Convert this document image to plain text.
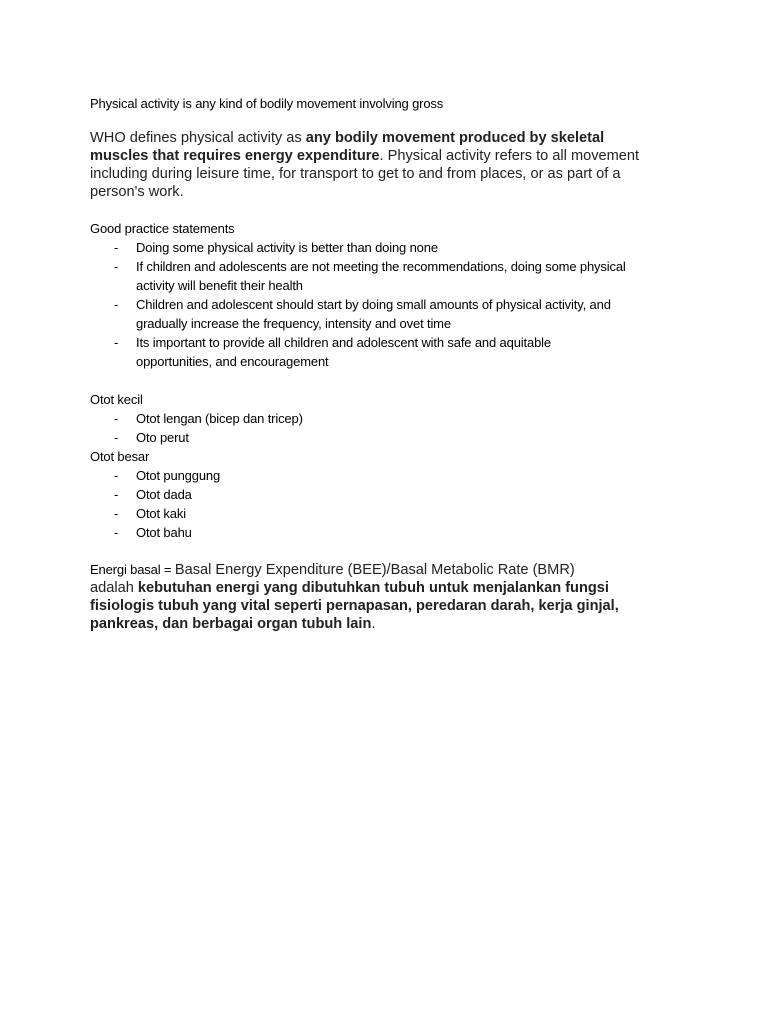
Physical activity is any kind of bodily movement involving gross
WHO defines physical activity as any bodily movement produced by skeletal
muscles that requires energy expenditure. Physical activity refers to all movement
including during leisure time, for transport to get to and from places, or as part of a
person's work.
Good practice statements
- Doing some physical activity is better than doing none
- If children and adolescents are not meeting the recommendations, doing some physical
activity will benefit their health
- Children and adolescent should start by doing small amounts of physical activity, and
gradually increase the frequency, intensity and ovet time
- Its important to provide all children and adolescent with safe and aquitable
opportunities, and encouragement
Otot kecil
- Otot lengan (bicep dan tricep)
- Oto perut
Otot besar
- Otot punggung
- Otot dada
- Otot kaki
- Otot bahu
Energi basal = Basal Energy Expenditure (BEE)/Basal Metabolic Rate (BMR)
adalah kebutuhan energi yang dibutuhkan tubuh untuk menjalankan fungsi
fisiologis tubuh yang vital seperti pernapasan, peredaran darah, kerja ginjal,
pankreas, dan berbagai organ tubuh lain.
